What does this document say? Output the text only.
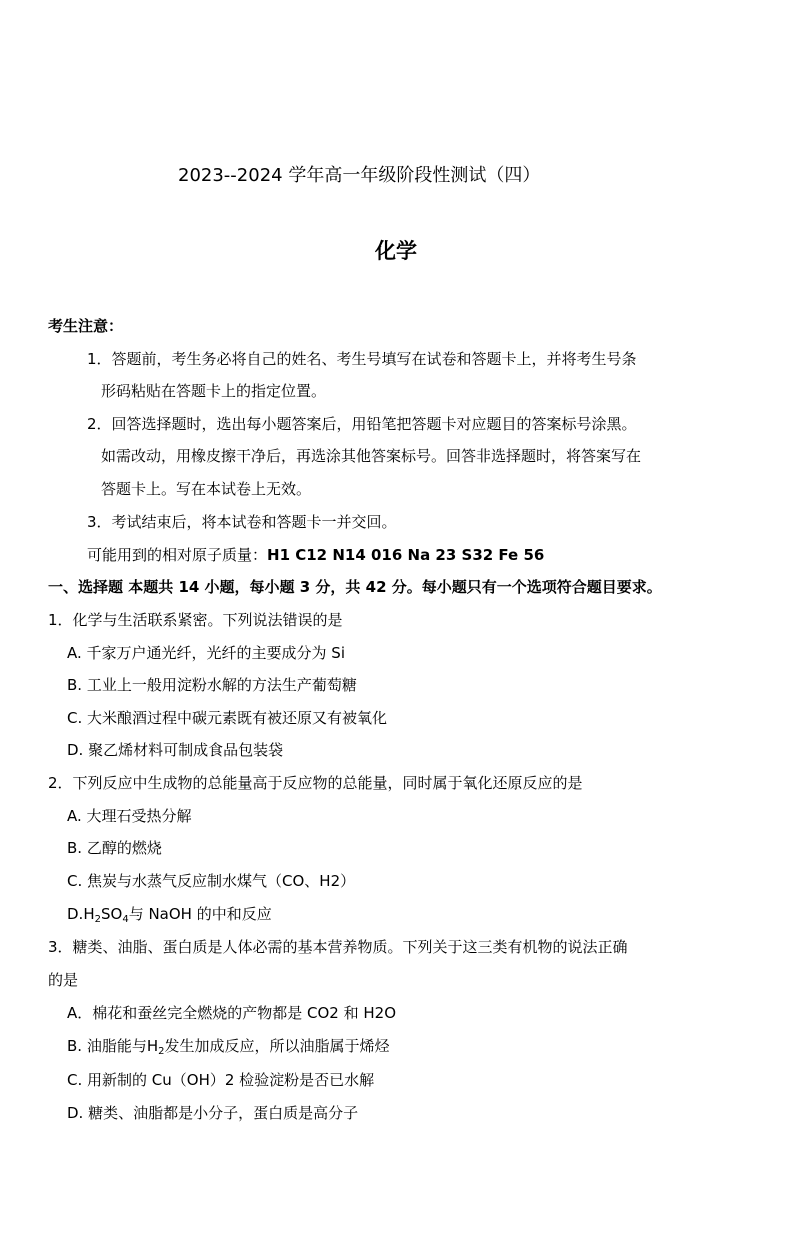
2023--2024 学年高一年级阶段性测试（四）
化学
考生注意：
1．答题前，考生务必将自己的姓名、考生号填写在试卷和答题卡上，并将考生号条
形码粘贴在答题卡上的指定位置。
2．回答选择题时，选出每小题答案后，用铅笔把答题卡对应题目的答案标号涂黑。
如需改动，用橡皮擦干净后，再选涂其他答案标号。回答非选择题时，将答案写在
答题卡上。写在本试卷上无效。
3．考试结束后，将本试卷和答题卡一并交回。
可能用到的相对原子质量：H1 C12 N14 016 Na 23 S32 Fe 56
一、选择题 本题共 14 小题，每小题 3 分，共 42 分。每小题只有一个选项符合题目要求。
1．化学与生活联系紧密。下列说法错误的是
A. 千家万户通光纤，光纤的主要成分为 Si
B. 工业上一般用淀粉水解的方法生产葡萄糖
C. 大米酿酒过程中碳元素既有被还原又有被氧化
D. 聚乙烯材料可制成食品包装袋
2．下列反应中生成物的总能量高于反应物的总能量，同时属于氧化还原反应的是
A. 大理石受热分解
B. 乙醇的燃烧
C. 焦炭与水蒸气反应制水煤气（CO、H2）
$D.H_2SO_4$与 NaOH 的中和反应
3．糖类、油脂、蛋白质是人体必需的基本营养物质。下列关于这三类有机物的说法正确
的是
A．棉花和蚕丝完全燃烧的产物都是 CO2 和 H2O
B. 油脂能与$H_2$发生加成反应，所以油脂属于烯烃
C. 用新制的 Cu（OH）2 检验淀粉是否已水解
D. 糖类、油脂都是小分子，蛋白质是高分子
